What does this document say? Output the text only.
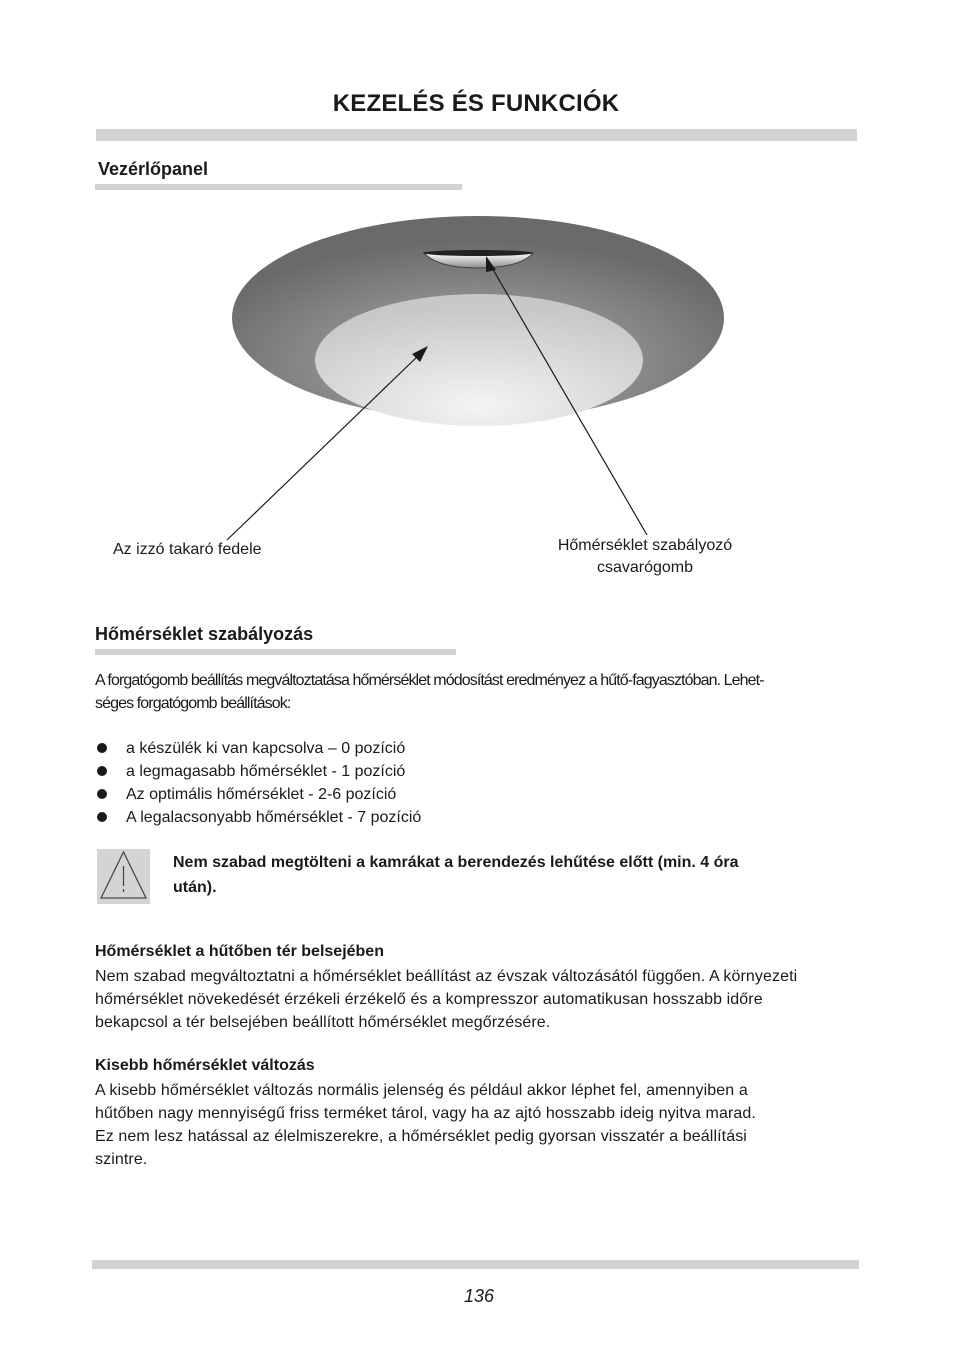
KEZELÉS ÉS FUNKCIÓK
Vezérlőpanel
Az izzó takaró fedele	Hőmérséklet szabályozó
csavarógomb
Hőmérséklet szabályozás
A forgatógomb beállítás megváltoztatása hőmérséklet módosítást eredményez a hűtő-fagyasztóban. Lehet-
séges forgatógomb beállítások:
a készülék ki van kapcsolva – 0 pozíció
a legmagasabb hőmérséklet - 1 pozíció
Az optimális hőmérséklet - 2-6 pozíció
A legalacsonyabb hőmérséklet - 7 pozíció
Nem szabad megtölteni a kamrákat a berendezés lehűtése előtt (min. 4 óra
után).
Hőmérséklet a hűtőben tér belsejében
Nem szabad megváltoztatni a hőmérséklet beállítást az évszak változásától függően. A környezeti
hőmérséklet növekedését érzékeli érzékelő és a kompresszor automatikusan hosszabb időre
bekapcsol a tér belsejében beállított hőmérséklet megőrzésére.
Kisebb hőmérséklet változás
A kisebb hőmérséklet változás normális jelenség és például akkor léphet fel, amennyiben a
hűtőben nagy mennyiségű friss terméket tárol, vagy ha az ajtó hosszabb ideig nyitva marad.
Ez nem lesz hatással az élelmiszerekre, a hőmérséklet pedig gyorsan visszatér a beállítási
szintre.
136
